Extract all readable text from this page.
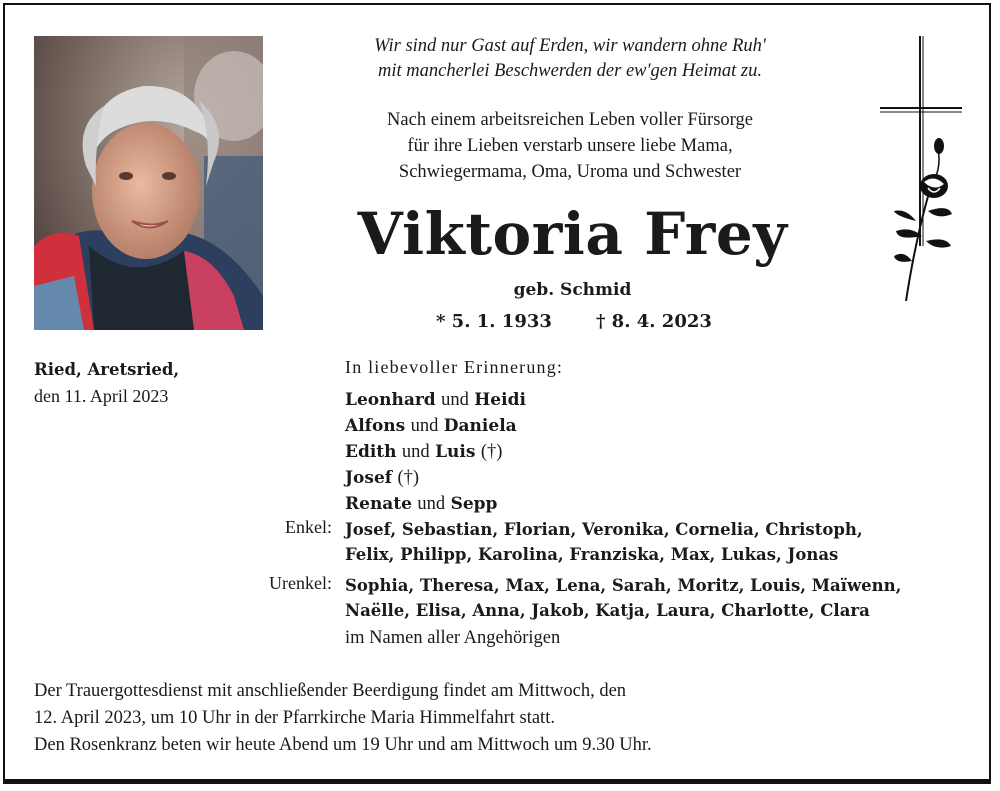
Wir sind nur Gast auf Erden, wir wandern ohne Ruh'
mit mancherlei Beschwerden der ew'gen Heimat zu.
Nach einem arbeitsreichen Leben voller Fürsorge
für ihre Lieben verstarb unsere liebe Mama,
Schwiegermama, Oma, Uroma und Schwester
Viktoria Frey
geb. Schmid
* 5. 1. 1933 † 8. 4. 2023
Ried, Aretsried,
den 11. April 2023
In liebevoller Erinnerung:
Leonhard und Heidi
Alfons und Daniela
Edith und Luis (†)
Josef (†)
Renate und Sepp
Enkel: Josef, Sebastian, Florian, Veronika, Cornelia, Christoph,
Felix, Philipp, Karolina, Franziska, Max, Lukas, Jonas
Urenkel: Sophia, Theresa, Max, Lena, Sarah, Moritz, Louis, Maïwenn,
Naëlle, Elisa, Anna, Jakob, Katja, Laura, Charlotte, Clara
im Namen aller Angehörigen
Der Trauergottesdienst mit anschließender Beerdigung findet am Mittwoch, den
12. April 2023, um 10 Uhr in der Pfarrkirche Maria Himmelfahrt statt.
Den Rosenkranz beten wir heute Abend um 19 Uhr und am Mittwoch um 9.30 Uhr.
